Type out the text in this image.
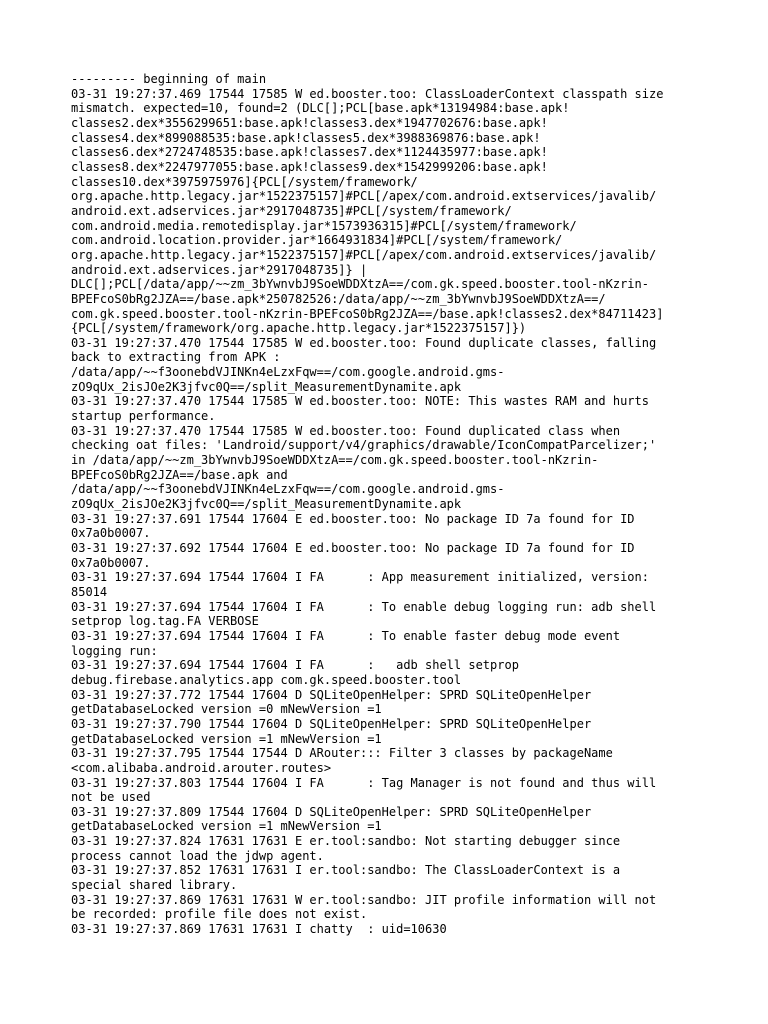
--------- beginning of main
03-31 19:27:37.469 17544 17585 W ed.booster.too: ClassLoaderContext classpath size
mismatch. expected=10, found=2 (DLC[];PCL[base.apk*13194984:base.apk!
classes2.dex*3556299651:base.apk!classes3.dex*1947702676:base.apk!
classes4.dex*899088535:base.apk!classes5.dex*3988369876:base.apk!
classes6.dex*2724748535:base.apk!classes7.dex*1124435977:base.apk!
classes8.dex*2247977055:base.apk!classes9.dex*1542999206:base.apk!
classes10.dex*3975975976]{PCL[/system/framework/
org.apache.http.legacy.jar*1522375157]#PCL[/apex/com.android.extservices/javalib/
android.ext.adservices.jar*2917048735]#PCL[/system/framework/
com.android.media.remotedisplay.jar*1573936315]#PCL[/system/framework/
com.android.location.provider.jar*1664931834]#PCL[/system/framework/
org.apache.http.legacy.jar*1522375157]#PCL[/apex/com.android.extservices/javalib/
android.ext.adservices.jar*2917048735]} |
DLC[];PCL[/data/app/~~zm_3bYwnvbJ9SoeWDDXtzA==/com.gk.speed.booster.tool-nKzrin-
BPEFcoS0bRg2JZA==/base.apk*250782526:/data/app/~~zm_3bYwnvbJ9SoeWDDXtzA==/
com.gk.speed.booster.tool-nKzrin-BPEFcoS0bRg2JZA==/base.apk!classes2.dex*84711423]
{PCL[/system/framework/org.apache.http.legacy.jar*1522375157]})
03-31 19:27:37.470 17544 17585 W ed.booster.too: Found duplicate classes, falling
back to extracting from APK :
/data/app/~~f3oonebdVJINKn4eLzxFqw==/com.google.android.gms-
zO9qUx_2isJOe2K3jfvc0Q==/split_MeasurementDynamite.apk
03-31 19:27:37.470 17544 17585 W ed.booster.too: NOTE: This wastes RAM and hurts
startup performance.
03-31 19:27:37.470 17544 17585 W ed.booster.too: Found duplicated class when
checking oat files: 'Landroid/support/v4/graphics/drawable/IconCompatParcelizer;'
in /data/app/~~zm_3bYwnvbJ9SoeWDDXtzA==/com.gk.speed.booster.tool-nKzrin-
BPEFcoS0bRg2JZA==/base.apk and
/data/app/~~f3oonebdVJINKn4eLzxFqw==/com.google.android.gms-
zO9qUx_2isJOe2K3jfvc0Q==/split_MeasurementDynamite.apk
03-31 19:27:37.691 17544 17604 E ed.booster.too: No package ID 7a found for ID
0x7a0b0007.
03-31 19:27:37.692 17544 17604 E ed.booster.too: No package ID 7a found for ID
0x7a0b0007.
03-31 19:27:37.694 17544 17604 I FA      : App measurement initialized, version:
85014
03-31 19:27:37.694 17544 17604 I FA      : To enable debug logging run: adb shell
setprop log.tag.FA VERBOSE
03-31 19:27:37.694 17544 17604 I FA      : To enable faster debug mode event
logging run:
03-31 19:27:37.694 17544 17604 I FA      :   adb shell setprop
debug.firebase.analytics.app com.gk.speed.booster.tool
03-31 19:27:37.772 17544 17604 D SQLiteOpenHelper: SPRD SQLiteOpenHelper
getDatabaseLocked version =0 mNewVersion =1
03-31 19:27:37.790 17544 17604 D SQLiteOpenHelper: SPRD SQLiteOpenHelper
getDatabaseLocked version =1 mNewVersion =1
03-31 19:27:37.795 17544 17544 D ARouter::: Filter 3 classes by packageName
<com.alibaba.android.arouter.routes>
03-31 19:27:37.803 17544 17604 I FA      : Tag Manager is not found and thus will
not be used
03-31 19:27:37.809 17544 17604 D SQLiteOpenHelper: SPRD SQLiteOpenHelper
getDatabaseLocked version =1 mNewVersion =1
03-31 19:27:37.824 17631 17631 E er.tool:sandbo: Not starting debugger since
process cannot load the jdwp agent.
03-31 19:27:37.852 17631 17631 I er.tool:sandbo: The ClassLoaderContext is a
special shared library.
03-31 19:27:37.869 17631 17631 W er.tool:sandbo: JIT profile information will not
be recorded: profile file does not exist.
03-31 19:27:37.869 17631 17631 I chatty  : uid=10630
